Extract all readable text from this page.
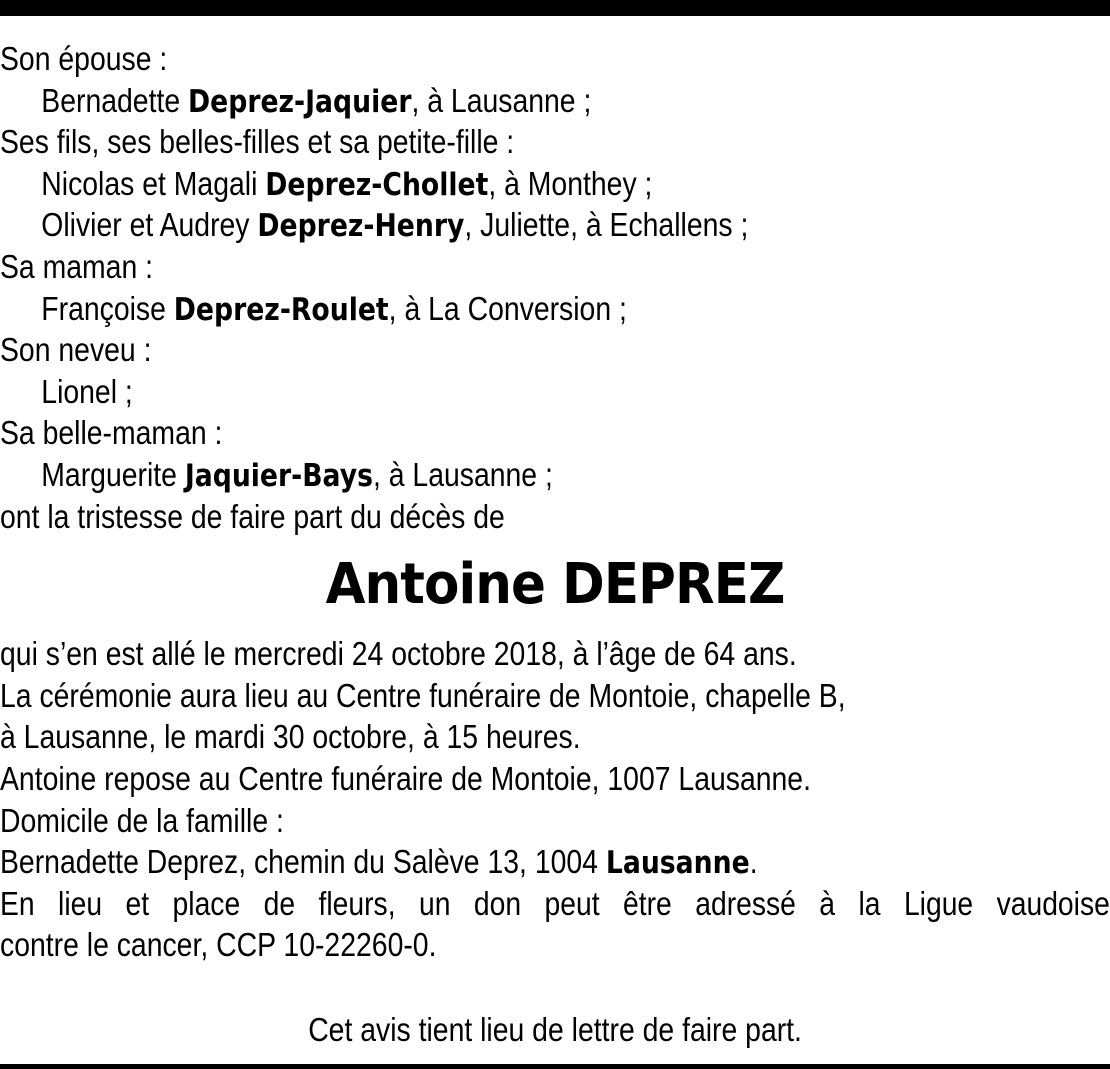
Son épouse :
Bernadette Deprez-Jaquier, à Lausanne ;
Ses fils, ses belles-filles et sa petite-fille :
Nicolas et Magali Deprez-Chollet, à Monthey ;
Olivier et Audrey Deprez-Henry, Juliette, à Echallens ;
Sa maman :
Françoise Deprez-Roulet, à La Conversion ;
Son neveu :
Lionel ;
Sa belle-maman :
Marguerite Jaquier-Bays, à Lausanne ;
ont la tristesse de faire part du décès de
Antoine DEPREZ
qui s’en est allé le mercredi 24 octobre 2018, à l’âge de 64 ans.
La cérémonie aura lieu au Centre funéraire de Montoie, chapelle B,
à Lausanne, le mardi 30 octobre, à 15 heures.
Antoine repose au Centre funéraire de Montoie, 1007 Lausanne.
Domicile de la famille :
Bernadette Deprez, chemin du Salève 13, 1004 Lausanne.
En lieu et place de fleurs, un don peut être adressé à la Ligue vaudoise
contre le cancer, CCP 10-22260-0.
Cet avis tient lieu de lettre de faire part.
